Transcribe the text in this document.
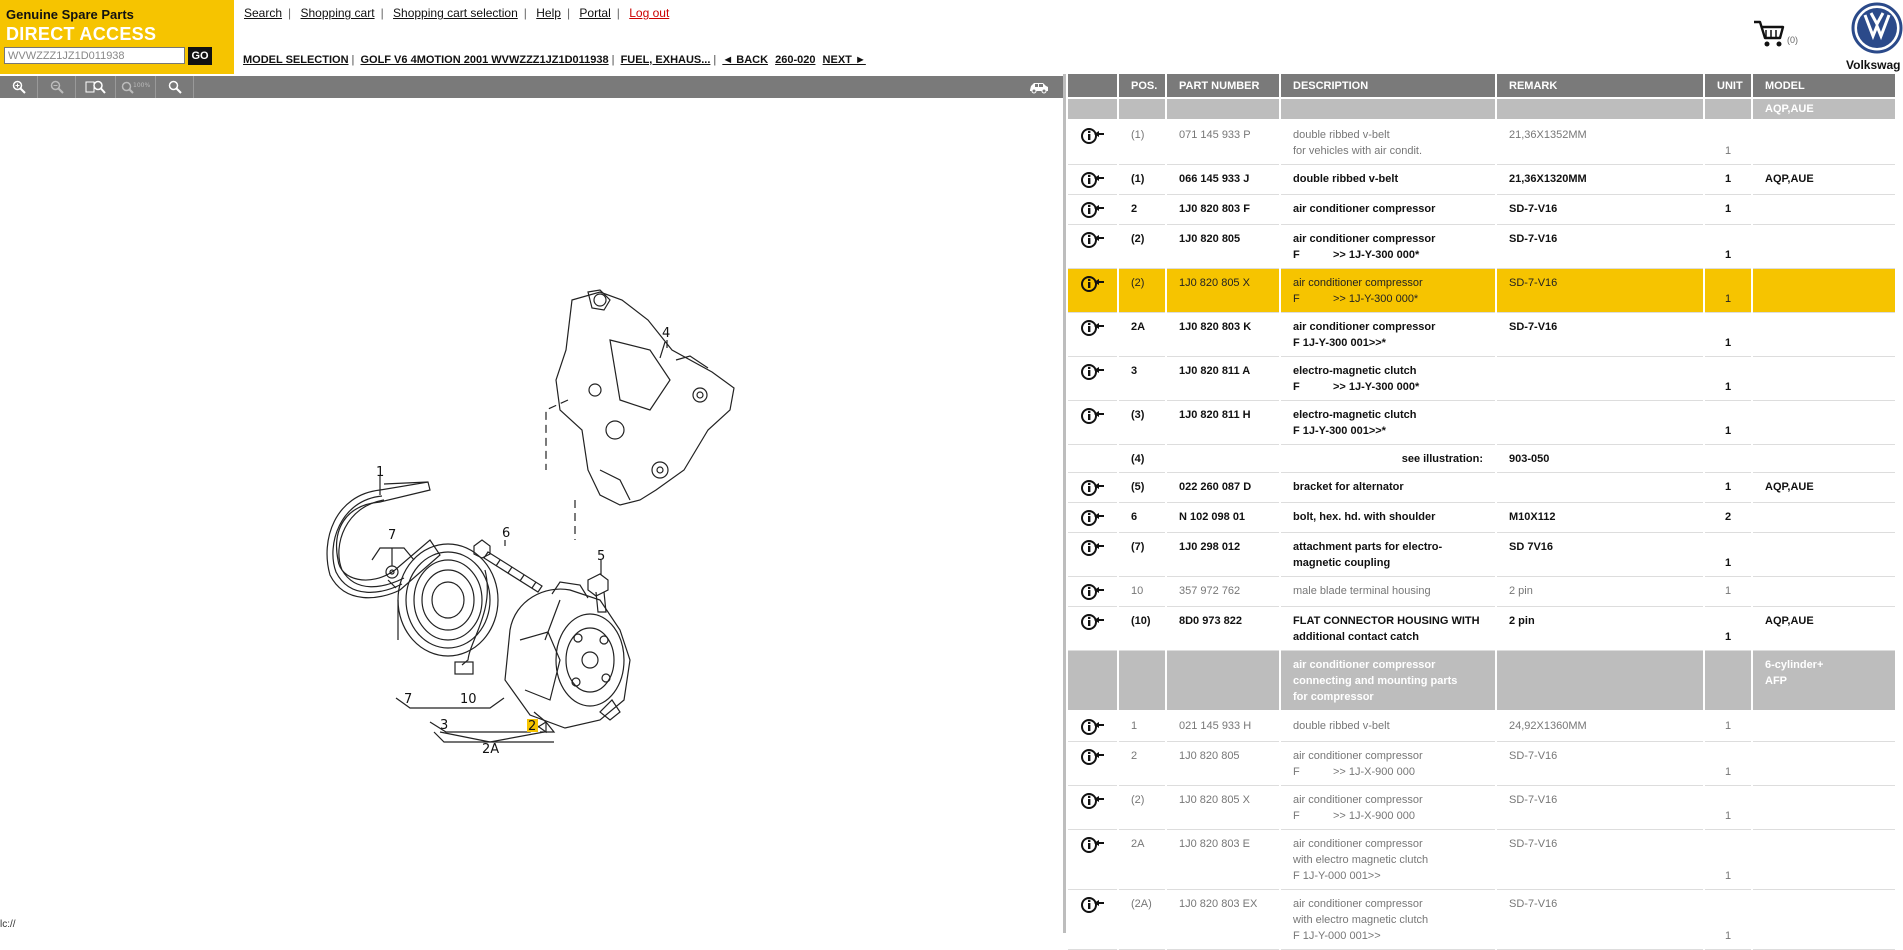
Genuine Spare Parts
DIRECT ACCESS
WVWZZZ1JZ1D011938
GO
Search | Shopping cart | Shopping cart selection | Help | Portal | Log out
MODEL SELECTION | GOLF V6 4MOTION 2001 WVWZZZ1JZ1D011938 | FUEL, EXHAUS... | ◄ BACK 260-020 NEXT ►
(0)
Volkswag
100%
4
1
6
7
5
7	10
3	2
2A
lc://
	POS.	PART NUMBER	DESCRIPTION	REMARK	UNIT	MODEL
						AQP,AUE
	(1)	071 145 933 P	double ribbed v-belt
for vehicles with air condit.	21,36X1352MM	1	
	(1)	066 145 933 J	double ribbed v-belt	21,36X1320MM	1	AQP,AUE
	2	1J0 820 803 F	air conditioner compressor	SD-7-V16	1	
	(2)	1J0 820 805	air conditioner compressor
F >> 1J-Y-300 000*	SD-7-V16	1	
	(2)	1J0 820 805 X	air conditioner compressor
F >> 1J-Y-300 000*	SD-7-V16	1	
	2A	1J0 820 803 K	air conditioner compressor
F 1J-Y-300 001>>*	SD-7-V16	1	
	3	1J0 820 811 A	electro-magnetic clutch
F >> 1J-Y-300 000*		1	
	(3)	1J0 820 811 H	electro-magnetic clutch
F 1J-Y-300 001>>*		1	
	(4)	see illustration:		903-050		
	(5)	022 260 087 D	bracket for alternator		1	AQP,AUE
	6	N 102 098 01	bolt, hex. hd. with shoulder	M10X112	2	
	(7)	1J0 298 012	attachment parts for electro-
magnetic coupling	SD 7V16	1	
	10	357 972 762	male blade terminal housing	2 pin	1	
	(10)	8D0 973 822	FLAT CONNECTOR HOUSING WITH
additional contact catch	2 pin	1	AQP,AUE

			air conditioner compressor
connecting and mounting parts
for compressor			6-cylinder+
AFP

	1	021 145 933 H	double ribbed v-belt	24,92X1360MM	1	
	2	1J0 820 805	air conditioner compressor
F >> 1J-X-900 000	SD-7-V16	1	
	(2)	1J0 820 805 X	air conditioner compressor
F >> 1J-X-900 000	SD-7-V16	1	
	2A	1J0 820 803 E	air conditioner compressor
with electro magnetic clutch
F 1J-Y-000 001>>	SD-7-V16	1	
	(2A)	1J0 820 803 EX	air conditioner compressor
with electro magnetic clutch
F 1J-Y-000 001>>	SD-7-V16	1	
